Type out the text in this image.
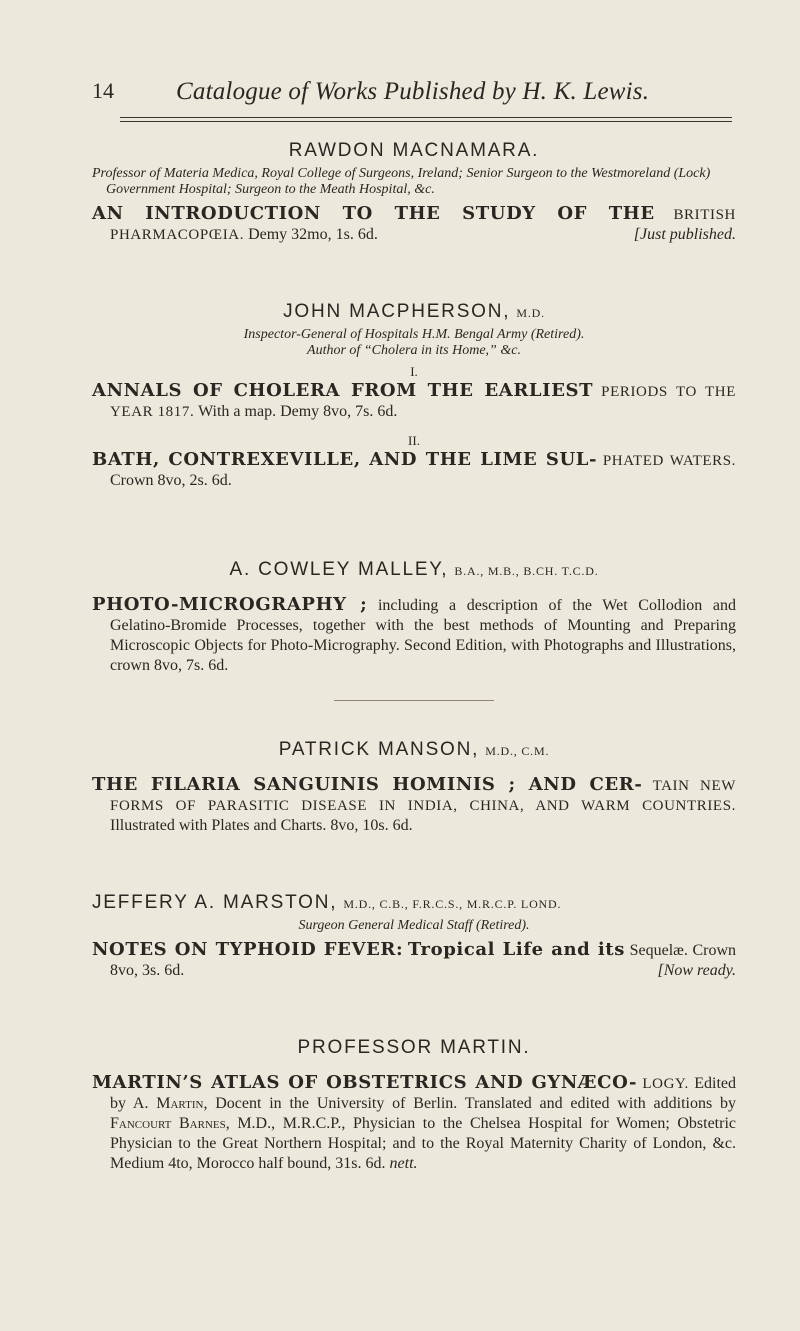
14 Catalogue of Works Published by H. K. Lewis.

RAWDON MACNAMARA.

Professor of Materia Medica, Royal College of Surgeons, Ireland; Senior Surgeon to the Westmoreland (Lock) Government Hospital; Surgeon to the Meath Hospital, &c.

AN INTRODUCTION TO THE STUDY OF THE BRITISH PHARMACOPŒIA. Demy 32mo, 1s. 6d.	[Just published.

JOHN MACPHERSON, M.D.

Inspector-General of Hospitals H.M. Bengal Army (Retired).

Author of “Cholera in its Home,” &c.

I.

ANNALS OF CHOLERA FROM THE EARLIEST PERIODS TO THE YEAR 1817. With a map. Demy 8vo, 7s. 6d.

II.

BATH, CONTREXEVILLE, AND THE LIME SUL- PHATED WATERS. Crown 8vo, 2s. 6d.

A. COWLEY MALLEY, B.A., M.B., B.CH. T.C.D.

PHOTO-MICROGRAPHY ; including a description of the Wet Collodion and Gelatino-Bromide Processes, together with the best methods of Mounting and Preparing Microscopic Objects for Photo-Micrography. Second Edition, with Photographs and Illustrations, crown 8vo, 7s. 6d.

PATRICK MANSON, M.D., C.M.

THE FILARIA SANGUINIS HOMINIS ; AND CER- TAIN NEW FORMS OF PARASITIC DISEASE IN INDIA, CHINA, AND WARM COUNTRIES. Illustrated with Plates and Charts. 8vo, 10s. 6d.

JEFFERY A. MARSTON, M.D., C.B., F.R.C.S., M.R.C.P. LOND.

Surgeon General Medical Staff (Retired).

NOTES ON TYPHOID FEVER: Tropical Life and its Sequelæ. Crown 8vo, 3s. 6d.	[Now ready.

PROFESSOR MARTIN.

MARTIN’S ATLAS OF OBSTETRICS AND GYNÆCO- LOGY. Edited by A. Martin, Docent in the University of Berlin. Translated and edited with additions by Fancourt Barnes, M.D., M.R.C.P., Physician to the Chelsea Hospital for Women; Obstetric Physician to the Great Northern Hospital; and to the Royal Maternity Charity of London, &c. Medium 4to, Morocco half bound, 31s. 6d. nett.
